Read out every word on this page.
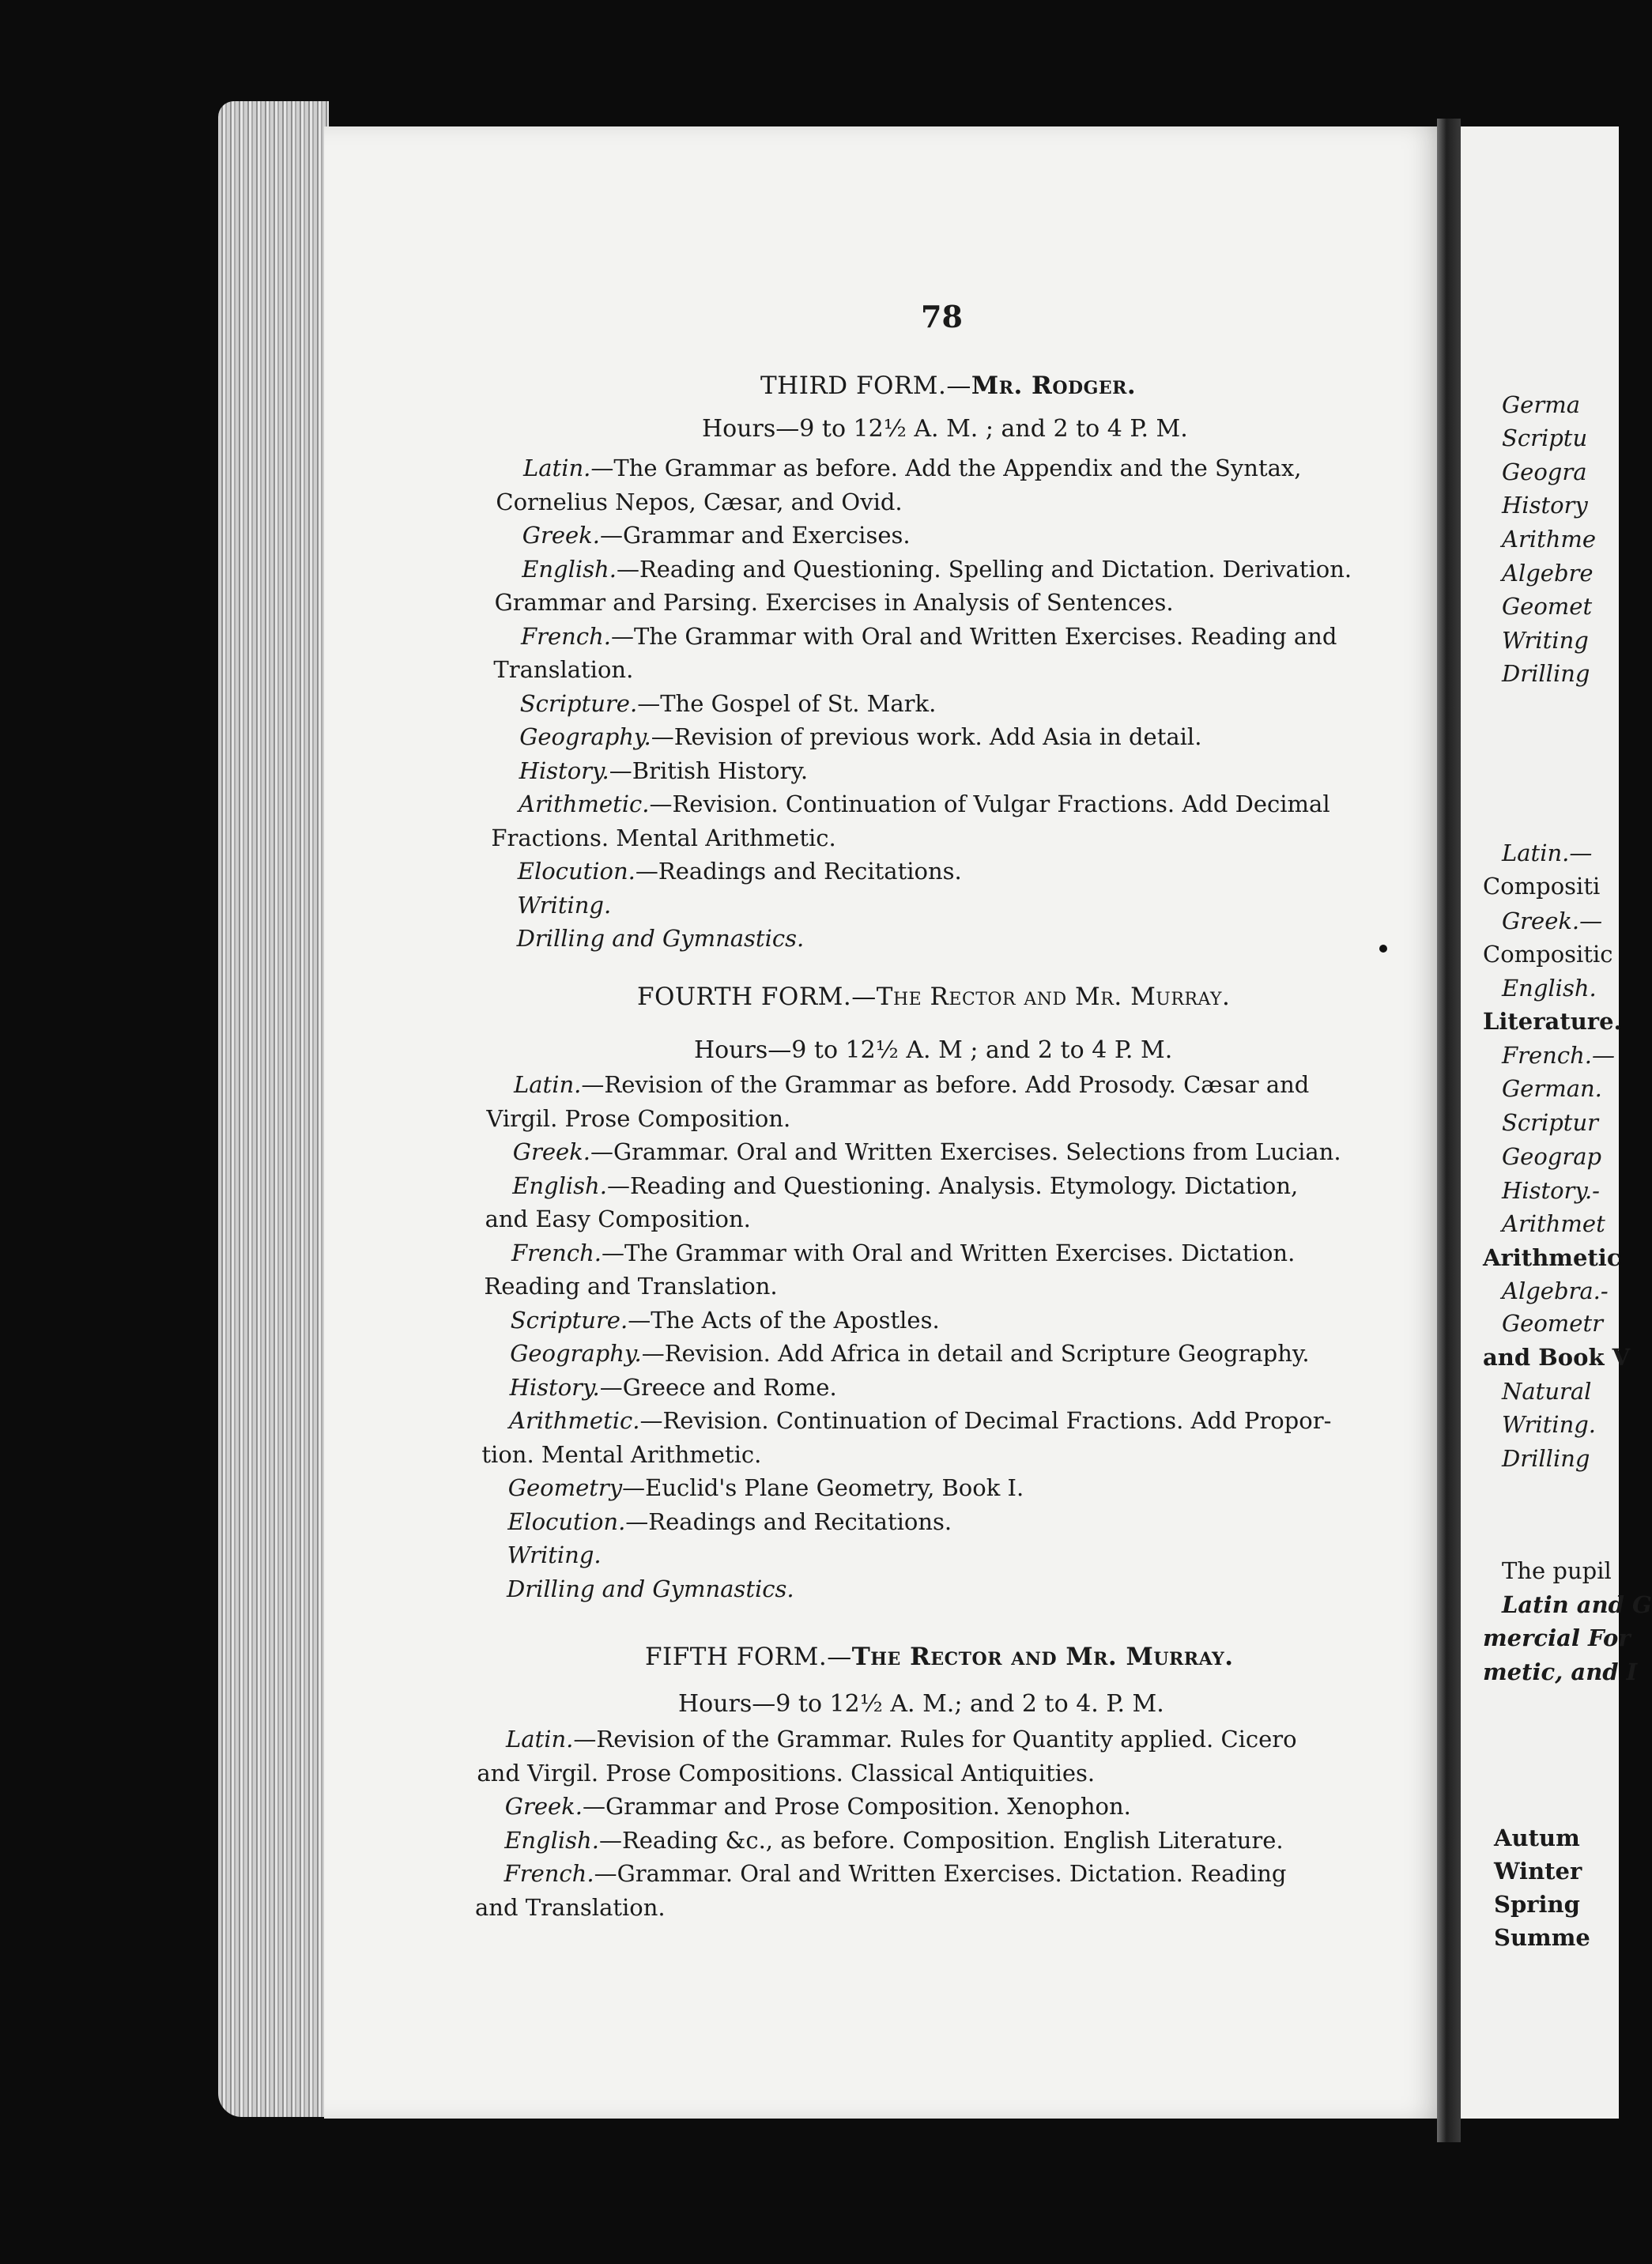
78
THIRD FORM.—Mr. Rodger.
Hours—9 to 12½ A. M. ; and 2 to 4 P. M.
Latin.—The Grammar as before. Add the Appendix and the Syntax,
Cornelius Nepos, Cæsar, and Ovid.
Greek.—Grammar and Exercises.
English.—Reading and Questioning. Spelling and Dictation. Derivation.
Grammar and Parsing. Exercises in Analysis of Sentences.
French.—The Grammar with Oral and Written Exercises. Reading and
Translation.
Scripture.—The Gospel of St. Mark.
Geography.—Revision of previous work. Add Asia in detail.
History.—British History.
Arithmetic.—Revision. Continuation of Vulgar Fractions. Add Decimal
Fractions. Mental Arithmetic.
Elocution.—Readings and Recitations.
Writing.
Drilling and Gymnastics.
FOURTH FORM.—The Rector and Mr. Murray.
Hours—9 to 12½ A. M ; and 2 to 4 P. M.
Latin.—Revision of the Grammar as before. Add Prosody. Cæsar and
Virgil. Prose Composition.
Greek.—Grammar. Oral and Written Exercises. Selections from Lucian.
English.—Reading and Questioning. Analysis. Etymology. Dictation,
and Easy Composition.
French.—The Grammar with Oral and Written Exercises. Dictation.
Reading and Translation.
Scripture.—The Acts of the Apostles.
Geography.—Revision. Add Africa in detail and Scripture Geography.
History.—Greece and Rome.
Arithmetic.—Revision. Continuation of Decimal Fractions. Add Propor-
tion. Mental Arithmetic.
Geometry—Euclid's Plane Geometry, Book I.
Elocution.—Readings and Recitations.
Writing.
Drilling and Gymnastics.
FIFTH FORM.—The Rector and Mr. Murray.
Hours—9 to 12½ A. M.; and 2 to 4. P. M.
Latin.—Revision of the Grammar. Rules for Quantity applied. Cicero
and Virgil. Prose Compositions. Classical Antiquities.
Greek.—Grammar and Prose Composition. Xenophon.
English.—Reading &c., as before. Composition. English Literature.
French.—Grammar. Oral and Written Exercises. Dictation. Reading
and Translation.
Germa
Scriptu
Geogra
History
Arithme
Algebre
Geomet
Writing
Drilling
Latin.—
Compositi
Greek.—
Compositic
English.
Literature.
French.—
German.
Scriptur
Geograp
History.-
Arithmet
Arithmetic
Algebra.-
Geometr
and Book V
Natural
Writing.
Drilling
The pupil
Latin and G
mercial For
metic, and I
Autum
Winter
Spring
Summe
